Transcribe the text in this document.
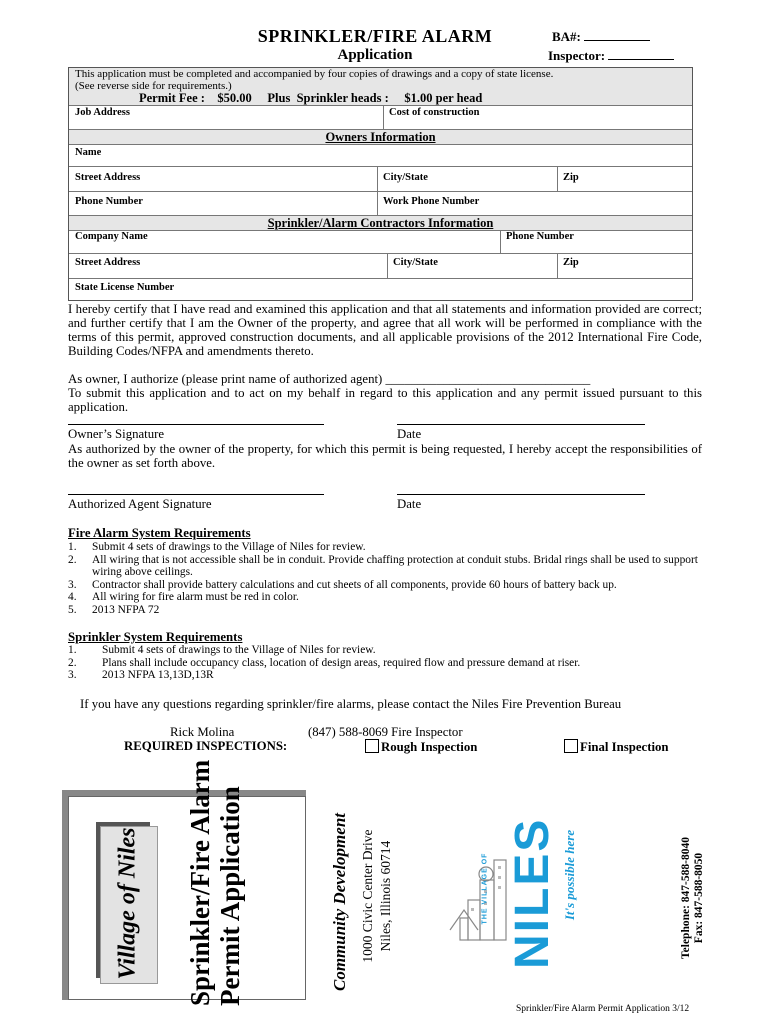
SPRINKLER/FIRE ALARM
Application
BA#:
Inspector:
This application must be completed and accompanied by four copies of drawings and a copy of state license.
(See reverse side for requirements.)
Permit Fee :    $50.00     Plus  Sprinkler heads :     $1.00 per head
Job Address	Cost of construction
Owners Information
Name
Street Address	City/State	Zip
Phone Number	Work Phone Number
Sprinkler/Alarm Contractors Information
Company Name	Phone Number
Street Address	City/State	Zip
State License Number
I hereby certify that I have read and examined this application and that all statements and information provided are correct; and further certify that I am the Owner of the property, and agree that all work will be performed in compliance with the terms of this permit, approved construction documents, and all applicable provisions of the 2012 International Fire Code, Building Codes/NFPA and amendments thereto.
As owner, I authorize (please print name of authorized agent) ________________________________
To submit this application and to act on my behalf in regard to this application and any permit issued pursuant to this application.
Owner’s Signature	Date
As authorized by the owner of the property, for which this permit is being requested, I hereby accept the responsibilities of the owner as set forth above.
Authorized Agent Signature	Date
Fire Alarm System Requirements
1. Submit 4 sets of drawings to the Village of Niles for review.
2. All wiring that is not accessible shall be in conduit. Provide chaffing protection at conduit stubs. Bridal rings shall be used to support wiring above ceilings.
3. Contractor shall provide battery calculations and cut sheets of all components, provide 60 hours of battery back up.
4. All wiring for fire alarm must be red in color.
5. 2013 NFPA 72
Sprinkler System Requirements
1. Submit 4 sets of drawings to the Village of Niles for review.
2. Plans shall include occupancy class, location of design areas, required flow and pressure demand at riser.
3. 2013 NFPA 13,13D,13R
If you have any questions regarding sprinkler/fire alarms, please contact the Niles Fire Prevention Bureau
Rick Molina	(847) 588-8069 Fire Inspector
REQUIRED INSPECTIONS:	Rough Inspection	Final Inspection
Village of Niles Sprinkler/Fire Alarm Permit Application	Community Development 1000 Civic Center Drive Niles, Illinois 60714	THE VILLAGE OF NILES It's possible here	Telephone: 847-588-8040 Fax: 847-588-8050
Sprinkler/Fire Alarm Permit Application 3/12
